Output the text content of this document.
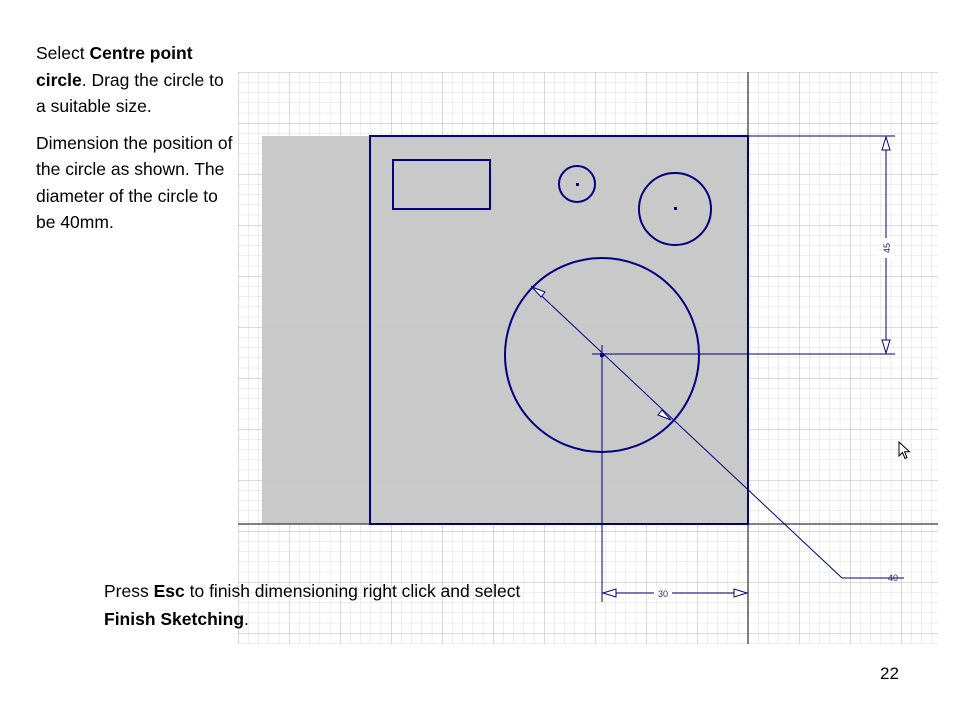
45
30
40

Select Centre point circle. Drag the circle to a suitable size.

Dimension the position of the circle as shown. The diameter of the circle to be 40mm.

Press Esc to finish dimensioning right click and select Finish Sketching.
22
